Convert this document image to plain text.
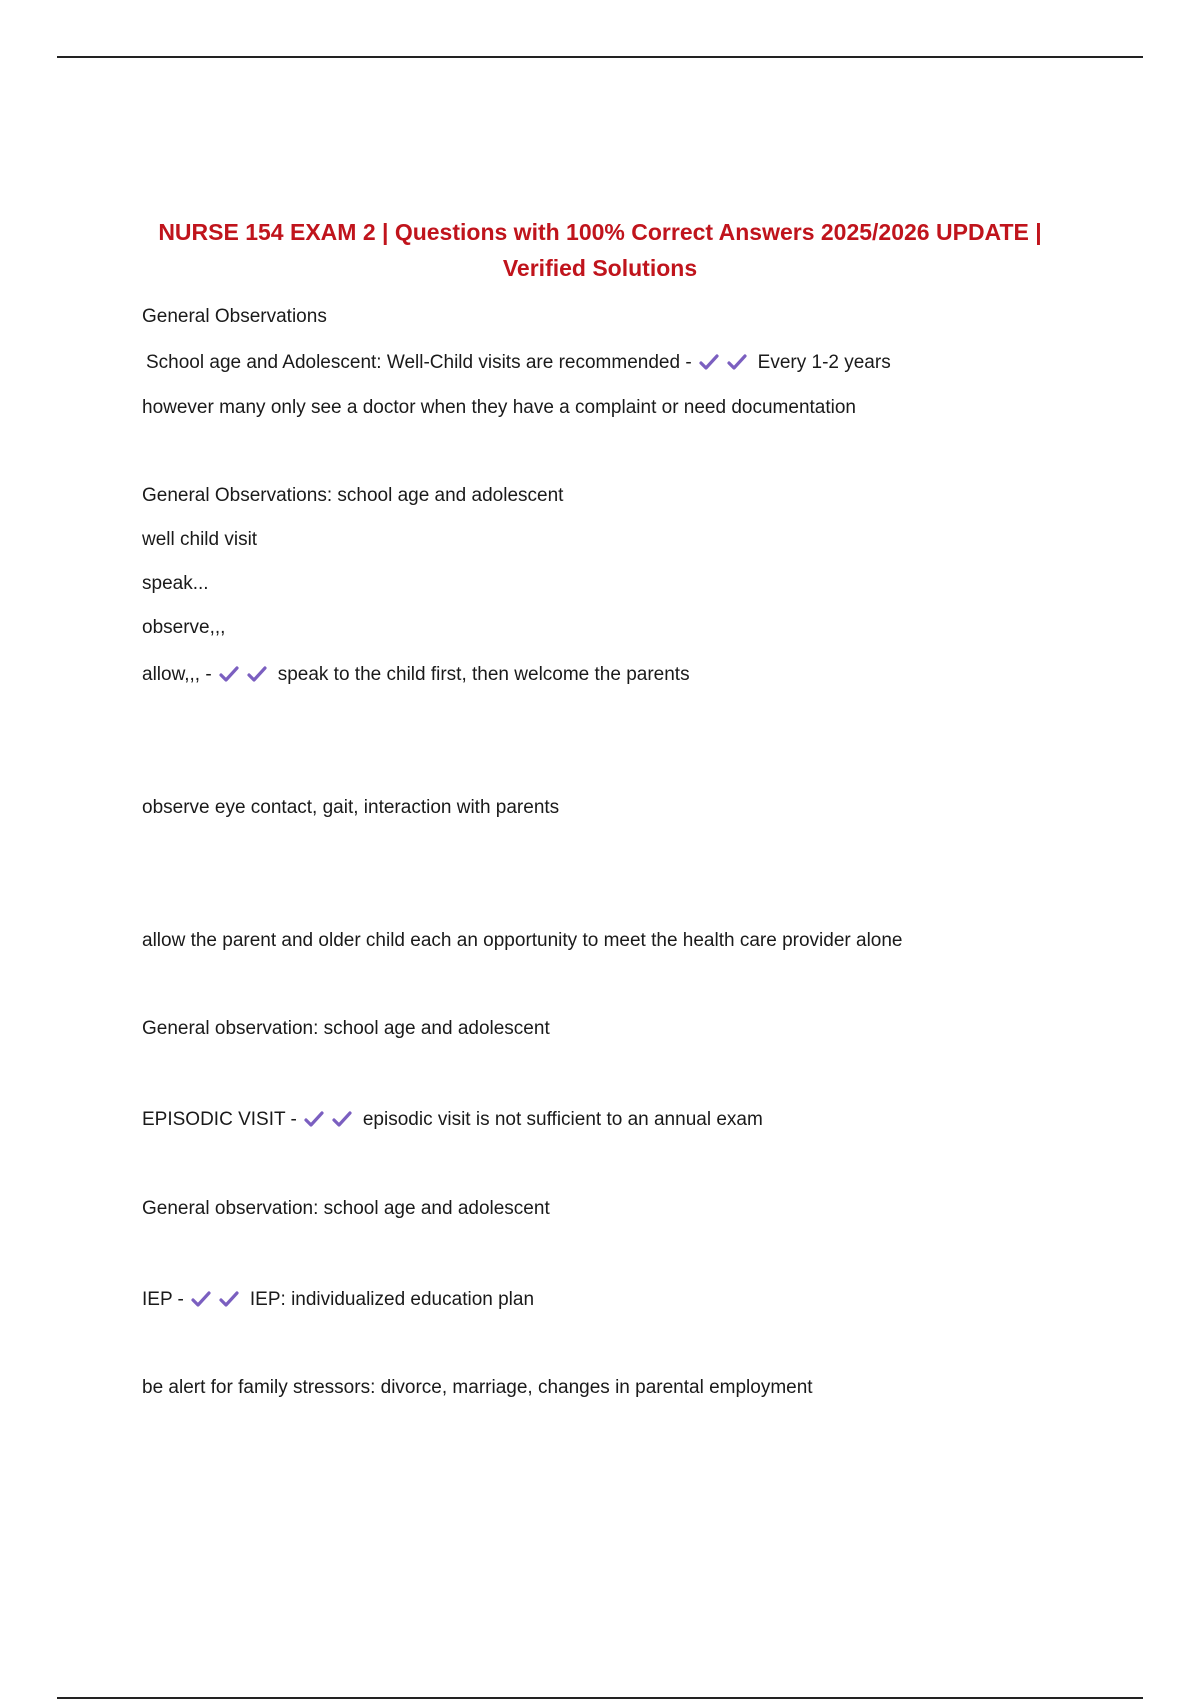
NURSE 154 EXAM 2 | Questions with 100% Correct Answers 2025/2026 UPDATE | Verified Solutions
General Observations
School age and Adolescent: Well-Child visits are recommended -	Every 1-2 years
however many only see a doctor when they have a complaint or need documentation
General Observations: school age and adolescent
well child visit
speak...
observe,,,
allow,,, -	speak to the child first, then welcome the parents
observe eye contact, gait, interaction with parents
allow the parent and older child each an opportunity to meet the health care provider alone
General observation: school age and adolescent
EPISODIC VISIT -	episodic visit is not sufficient to an annual exam
General observation: school age and adolescent
IEP -	IEP: individualized education plan
be alert for family stressors: divorce, marriage, changes in parental employment
